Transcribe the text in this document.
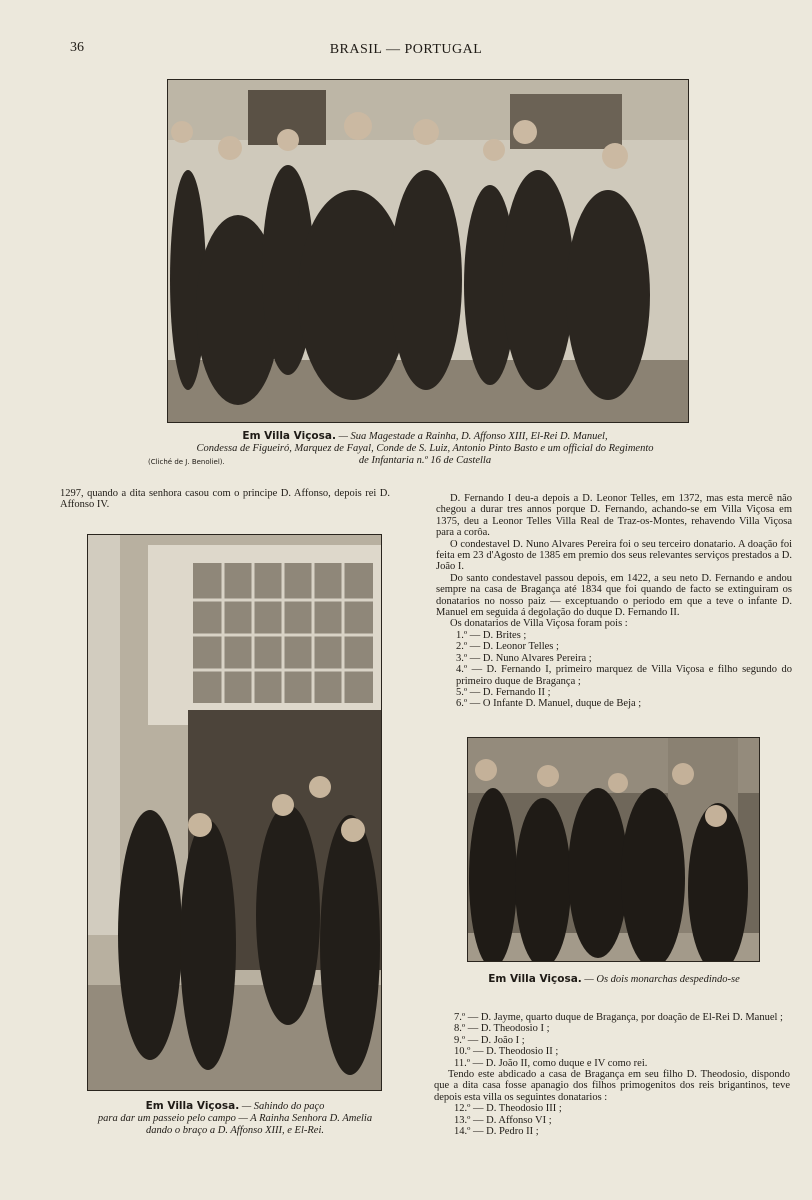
36	BRASIL — PORTUGAL
Em Villa Viçosa. — Sua Magestade a Rainha, D. Affonso XIII, El-Rei D. Manuel,
Condessa de Figueiró, Marquez de Fayal, Conde de S. Luiz, Antonio Pinto Basto e um official do Regimento
(Cliché de J. Benoliel).	de Infantaria n.º 16 de Castella

1297, quando a dita senhora casou com o principe D. Affonso, depois rei D. Affonso IV.

Em Villa Viçosa. — Sahindo do paço
para dar um passeio pelo campo — A Rainha Senhora D. Amelia
dando o braço a D. Affonso XIII, e El-Rei.

D. Fernando I deu-a depois a D. Leonor Telles, em 1372, mas esta mercê não chegou a durar tres annos porque D. Fernando, achando-se em Villa Viçosa em 1375, deu a Leonor Telles Villa Real de Traz-os-Montes, rehavendo Villa Viçosa para a corôa.

O condestavel D. Nuno Alvares Pereira foi o seu terceiro donatario. A doação foi feita em 23 d'Agosto de 1385 em premio dos seus relevantes serviços prestados a D. João I.

Do santo condestavel passou depois, em 1422, a seu neto D. Fernando e andou sempre na casa de Bragança até 1834 que foi quando de facto se extinguiram os donatarios no nosso paiz — exceptuando o periodo em que a teve o infante D. Manuel em seguida á degolação do duque D. Fernando II.

Os donatarios de Villa Viçosa foram pois :

1.º — D. Brites ;

2.º — D. Leonor Telles ;

3.º — D. Nuno Alvares Pereira ;

4.º — D. Fernando I, primeiro marquez de Villa Viçosa e filho segundo do primeiro duque de Bragança ;

5.º — D. Fernando II ;

6.º — O Infante D. Manuel, duque de Beja ;

Em Villa Viçosa. — Os dois monarchas despedindo-se

7.º — D. Jayme, quarto duque de Bragança, por doação de El-Rei D. Manuel ;

8.º — D. Theodosio I ;

9.º — D. João I ;

10.º — D. Theodosio II ;

11.º — D. João II, como duque e IV como rei.

Tendo este abdicado a casa de Bragança em seu filho D. Theodosio, dispondo que a dita casa fosse apanagio dos filhos primogenitos dos reis brigantinos, teve depois esta villa os seguintes donatarios :

12.º — D. Theodosio III ;

13.º — D. Affonso VI ;

14.º — D. Pedro II ;
